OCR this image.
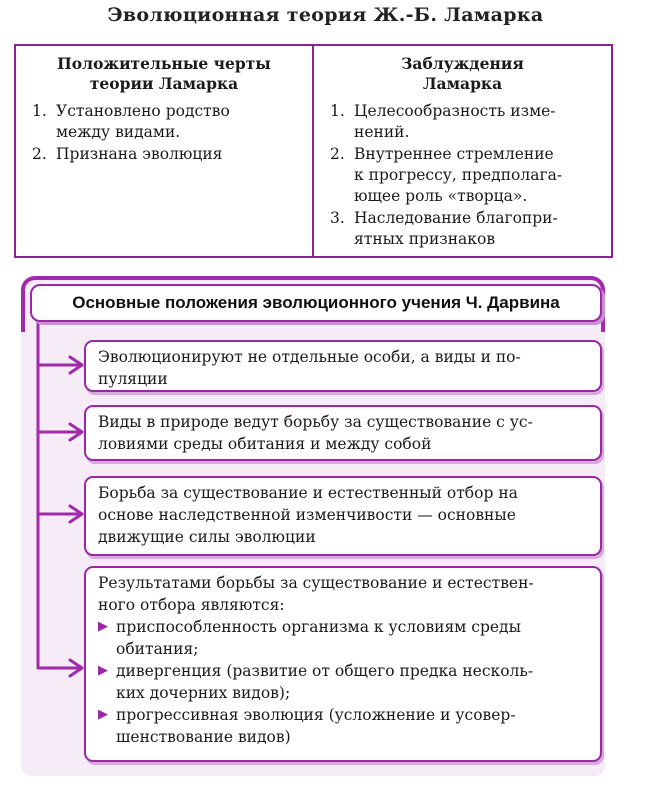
Эволюционная теория Ж.-Б. Ламарка
Положительные черты
теории Ламарка
1. Установлено родство
между видами.
2. Признана эволюция
Заблуждения
Ламарка
1. Целесообразность изме-
нений.
2. Внутреннее стремление
к прогрессу, предполага-
ющее роль «творца».
3. Наследование благопри-
ятных признаков
Основные положения эволюционного учения Ч. Дарвина

Эволюционируют не отдельные особи, а виды и по-
пуляции

Виды в природе ведут борьбу за существование с ус-
ловиями среды обитания и между собой

Борьба за существование и естественный отбор на
основе наследственной изменчивости — основные
движущие силы эволюции

Результатами борьбы за существование и естествен-
ного отбора являются:

▶ приспособленность организма к условиям среды
обитания;
▶ дивергенция (развитие от общего предка несколь-
ких дочерних видов);
▶ прогрессивная эволюция (усложнение и усовер-
шенствование видов)
